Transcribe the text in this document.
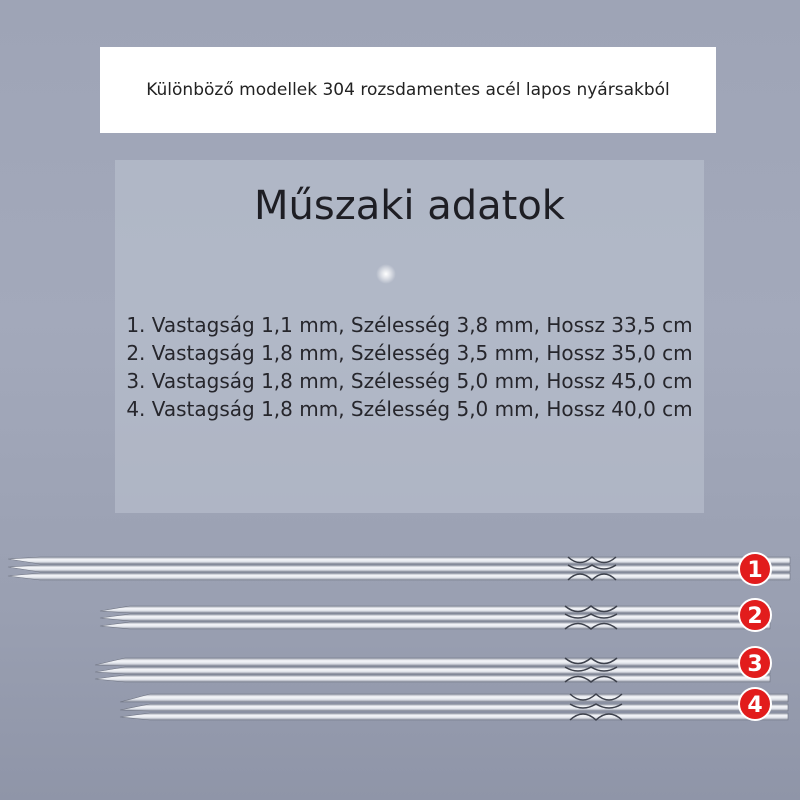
Különböző modellek 304 rozsdamentes acél lapos nyársakból
Műszaki adatok
1. Vastagság 1,1 mm, Szélesség 3,8 mm, Hossz 33,5 cm 2. Vastagság 1,8 mm, Szélesség 3,5 mm, Hossz 35,0 cm 3. Vastagság 1,8 mm, Szélesség 5,0 mm, Hossz 45,0 cm 4. Vastagság 1,8 mm, Szélesség 5,0 mm, Hossz 40,0 cm
1
2
3
4
